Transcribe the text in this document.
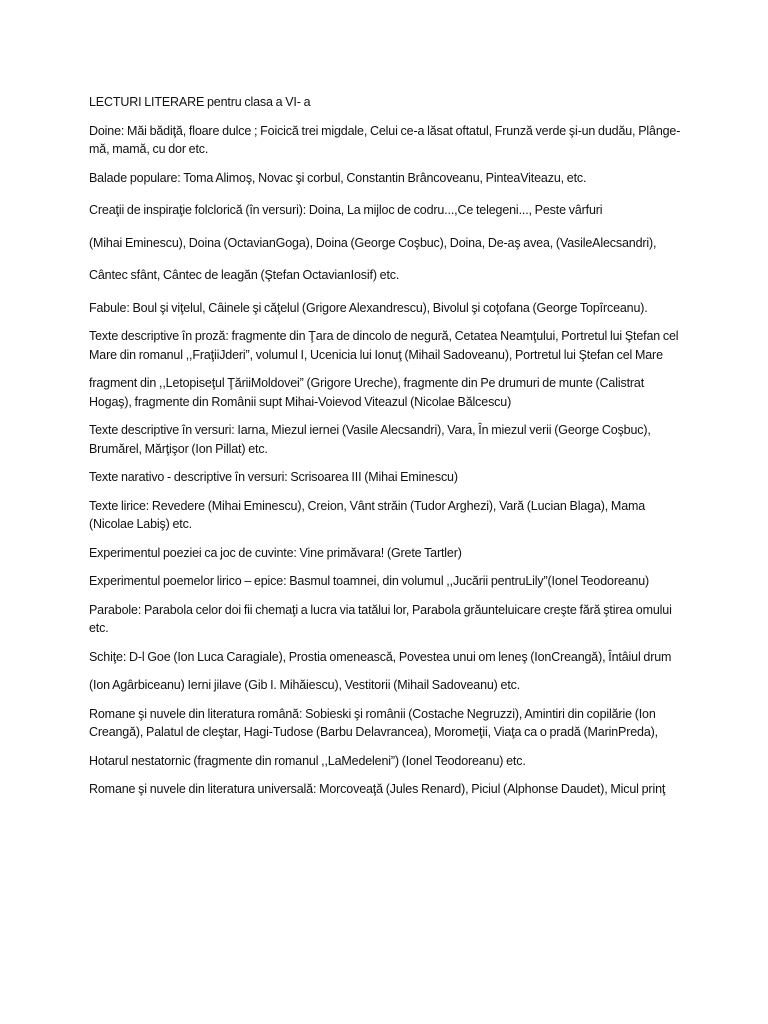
LECTURI LITERARE pentru clasa a VI- a

Doine: Măi bădiţă, floare dulce ; Foicică trei migdale, Celui ce-a lăsat oftatul, Frunză verde şi-un dudău, Plânge-mă, mamă, cu dor etc.

Balade populare: Toma Alimoş, Novac şi corbul, Constantin Brâncoveanu, PinteaViteazu, etc.

Creaţii de inspiraţie folclorică (în versuri): Doina, La mijloc de codru...,Ce telegeni..., Peste vârfuri

(Mihai Eminescu), Doina (OctavianGoga), Doina (George Coşbuc), Doina, De-aş avea, (VasileAlecsandri),

Cântec sfânt, Cântec de leagăn (Ştefan OctavianIosif) etc.

Fabule: Boul şi viţelul, Câinele şi căţelul (Grigore Alexandrescu), Bivolul şi coţofana (George Topîrceanu).

Texte descriptive în proză: fragmente din Ţara de dincolo de negură, Cetatea Neamţului, Portretul lui Ştefan cel Mare din romanul ,,FraţiiJderi”, volumul I, Ucenicia lui Ionuţ (Mihail Sadoveanu), Portretul lui Ştefan cel Mare

fragment din ,,Letopiseţul ŢăriiMoldovei” (Grigore Ureche), fragmente din Pe drumuri de munte (Calistrat Hogaş), fragmente din Românii supt Mihai-Voievod Viteazul (Nicolae Bălcescu)

Texte descriptive în versuri: Iarna, Miezul iernei (Vasile Alecsandri), Vara, În miezul verii (George Coşbuc), Brumărel, Mărţişor (Ion Pillat) etc.

Texte narativo - descriptive în versuri: Scrisoarea III (Mihai Eminescu)

Texte lirice: Revedere (Mihai Eminescu), Creion, Vânt străin (Tudor Arghezi), Vară (Lucian Blaga), Mama (Nicolae Labiş) etc.

Experimentul poeziei ca joc de cuvinte: Vine primăvara! (Grete Tartler)

Experimentul poemelor lirico – epice: Basmul toamnei, din volumul ,,Jucării pentruLily”(Ionel Teodoreanu)

Parabole: Parabola celor doi fii chemaţi a lucra via tatălui lor, Parabola grăunteluicare creşte fără ştirea omului etc.

Schiţe: D-l Goe (Ion Luca Caragiale), Prostia omenească, Povestea unui om leneş (IonCreangă), Întâiul drum

(Ion Agârbiceanu) Ierni jilave (Gib I. Mihăiescu), Vestitorii (Mihail Sadoveanu) etc.

Romane şi nuvele din literatura română: Sobieski şi românii (Costache Negruzzi), Amintiri din copilărie (Ion Creangă), Palatul de cleştar, Hagi-Tudose (Barbu Delavrancea), Moromeţii, Viaţa ca o pradă (MarinPreda),

Hotarul nestatornic (fragmente din romanul ,,LaMedeleni”) (Ionel Teodoreanu) etc.

Romane şi nuvele din literatura universală: Morcoveaţă (Jules Renard), Piciul (Alphonse Daudet), Micul prinţ
